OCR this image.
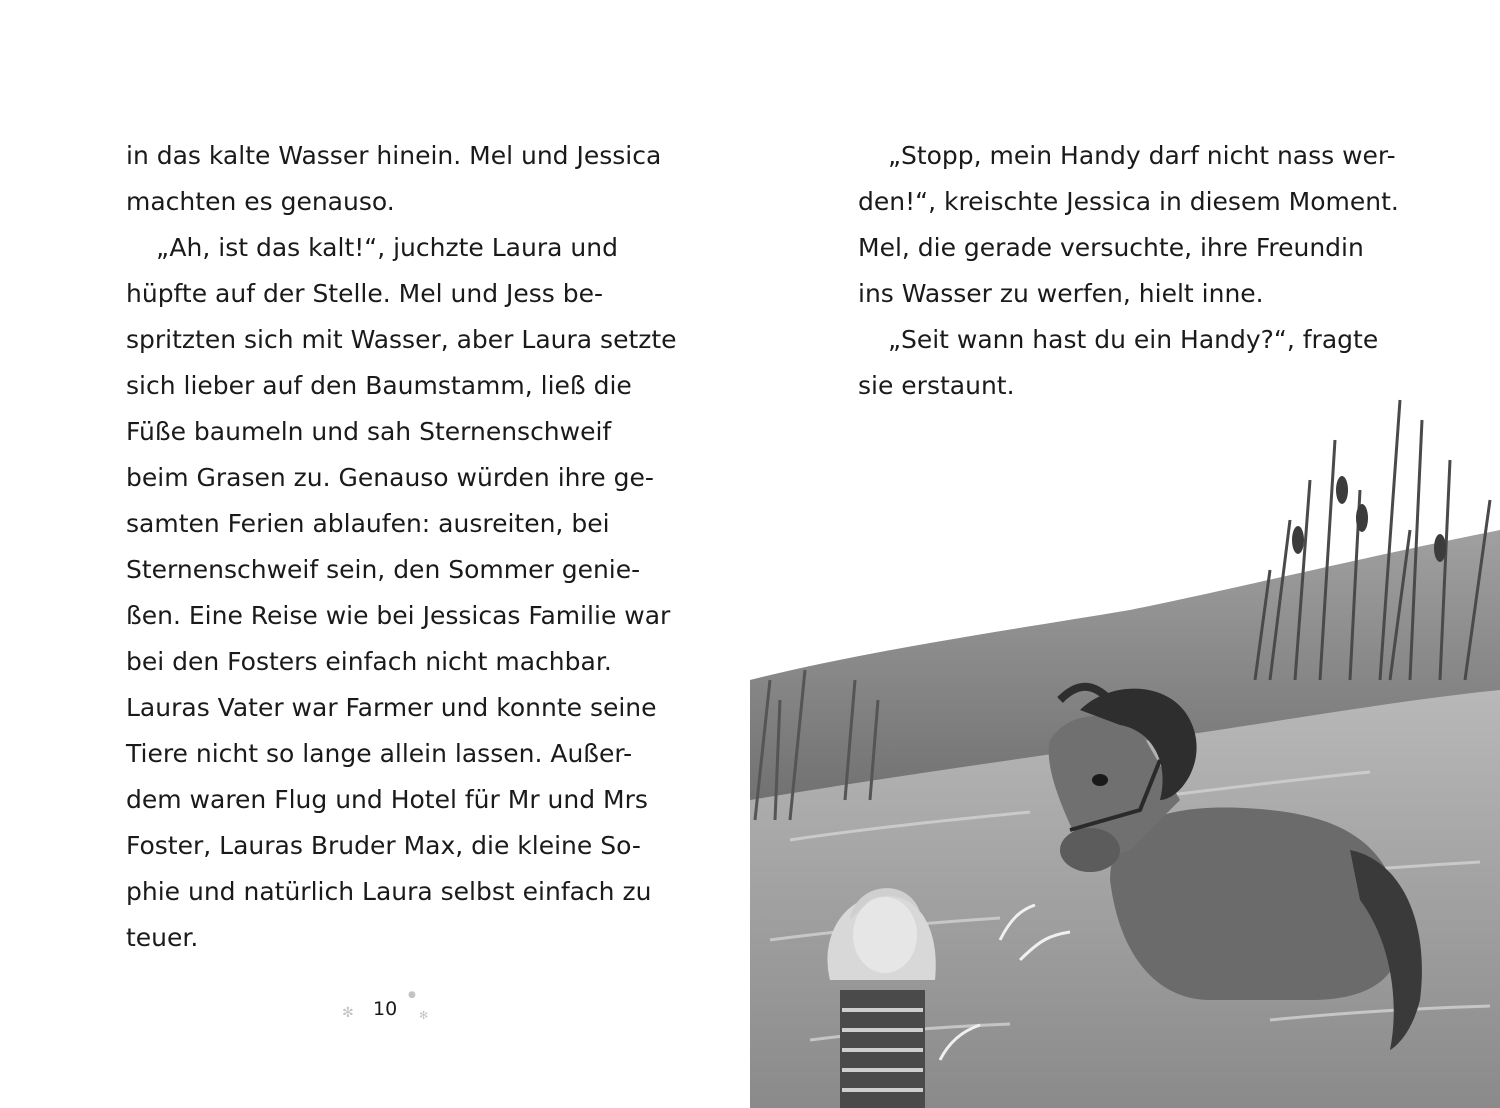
in das kalte Wasser hinein. Mel und Jessica
machten es genauso.
„Ah, ist das kalt!“, juchzte Laura und
hüpfte auf der Stelle. Mel und Jess be-
spritzten sich mit Wasser, aber Laura setzte
sich lieber auf den Baumstamm, ließ die
Füße baumeln und sah Sternenschweif
beim Grasen zu. Genauso würden ihre ge-
samten Ferien ablaufen: ausreiten, bei
Sternenschweif sein, den Sommer genie-
ßen. Eine Reise wie bei Jessicas Familie war
bei den Fosters einfach nicht machbar.
Lauras Vater war Farmer und konnte seine
Tiere nicht so lange allein lassen. Außer-
dem waren Flug und Hotel für Mr und Mrs
Foster, Lauras Bruder Max, die kleine So-
phie und natürlich Laura selbst einfach zu
teuer.
✻
●
✻
10
„Stopp, mein Handy darf nicht nass wer-
den!“, kreischte Jessica in diesem Moment.
Mel, die gerade versuchte, ihre Freundin
ins Wasser zu werfen, hielt inne.
„Seit wann hast du ein Handy?“, fragte
sie erstaunt.
